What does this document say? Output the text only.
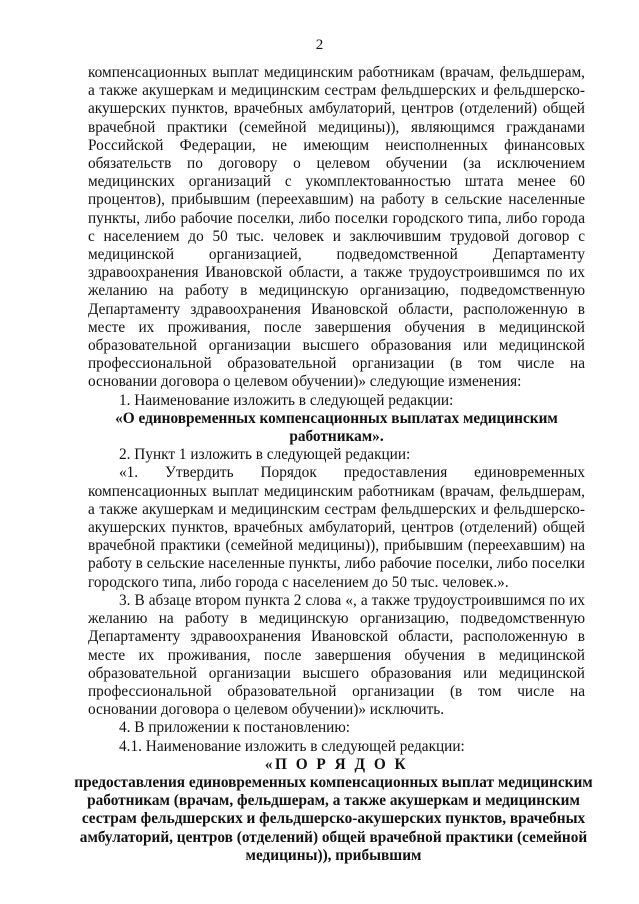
2

компенсационных выплат медицинским работникам (врачам, фельдшерам, а также акушеркам и медицинским сестрам фельдшерских и фельдшерско-акушерских пунктов, врачебных амбулаторий, центров (отделений) общей врачебной практики (семейной медицины)), являющимся гражданами Российской Федерации, не имеющим неисполненных финансовых обязательств по договору о целевом обучении (за исключением медицинских организаций с укомплектованностью штата менее 60 процентов), прибывшим (переехавшим) на работу в сельские населенные пункты, либо рабочие поселки, либо поселки городского типа, либо города с населением до 50 тыс. человек и заключившим трудовой договор с медицинской организацией, подведомственной Департаменту здравоохранения Ивановской области, а также трудоустроившимся по их желанию на работу в медицинскую организацию, подведомственную Департаменту здравоохранения Ивановской области, расположенную в месте их проживания, после завершения обучения в медицинской образовательной организации высшего образования или медицинской профессиональной образовательной организации (в том числе на основании договора о целевом обучении)» следующие изменения:

1. Наименование изложить в следующей редакции:

«О единовременных компенсационных выплатах медицинским работникам».

2. Пункт 1 изложить в следующей редакции:

«1. Утвердить Порядок предоставления единовременных компенсационных выплат медицинским работникам (врачам, фельдшерам, а также акушеркам и медицинским сестрам фельдшерских и фельдшерско-акушерских пунктов, врачебных амбулаторий, центров (отделений) общей врачебной практики (семейной медицины)), прибывшим (переехавшим) на работу в сельские населенные пункты, либо рабочие поселки, либо поселки городского типа, либо города с населением до 50 тыс. человек.».

3. В абзаце втором пункта 2 слова «, а также трудоустроившимся по их желанию на работу в медицинскую организацию, подведомственную Департаменту здравоохранения Ивановской области, расположенную в месте их проживания, после завершения обучения в медицинской образовательной организации высшего образования или медицинской профессиональной образовательной организации (в том числе на основании договора о целевом обучении)» исключить.

4. В приложении к постановлению:

4.1. Наименование изложить в следующей редакции:

«П О Р Я Д О К

предоставления единовременных компенсационных выплат медицинским работникам (врачам, фельдшерам, а также акушеркам и медицинским сестрам фельдшерских и фельдшерско-акушерских пунктов, врачебных амбулаторий, центров (отделений) общей врачебной практики (семейной медицины)), прибывшим
